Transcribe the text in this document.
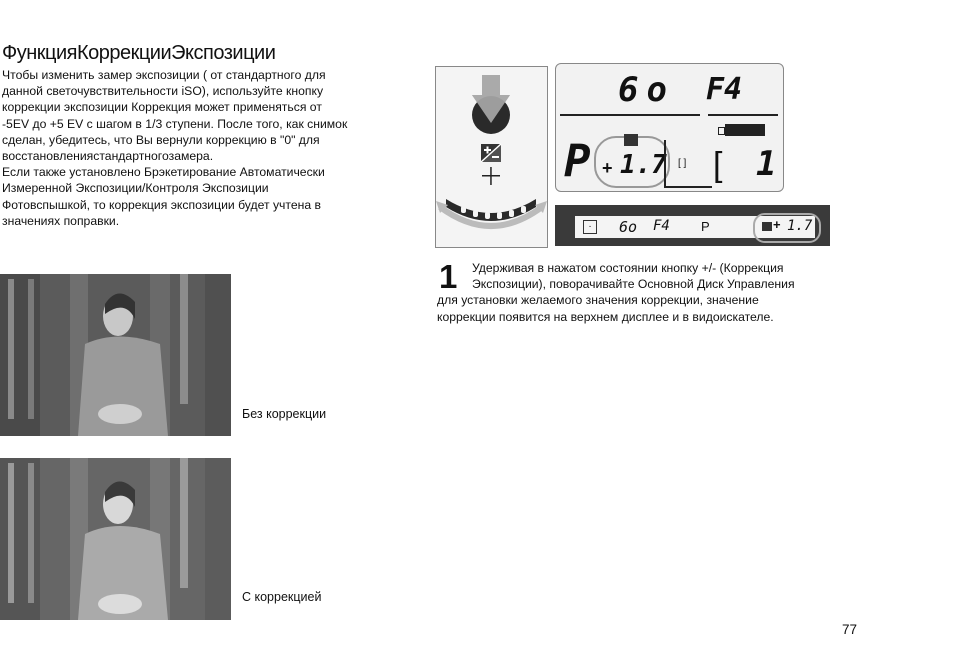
ФункцияКоррекцииЭкспозиции

Чтобы изменить замер экспозиции ( от стандартного для

данной светочувствительности iSO), используйте кнопку

коррекции экспозиции Коррекция может применяться от

-5EV до +5 EV с шагом в 1/3 ступени. После того, как снимок

сделан, убедитесь, что Вы вернули коррекцию в "0" для

восстановлениястандартногозамера.

Если также установлено Брэкетирование Автоматически

Измеренной Экспозиции/Контроля Экспозиции

Фотовспышкой, то коррекция экспозиции будет учтена в

значениях поправки.

Без коррекции
С коррекцией
6o F4
P + 1.7 [ ] [ 1
·	6o F4 P	+ 1.7
1	Удерживая в нажатом состоянии кнопку +/- (Коррекция

Экспозиции), поворачивайте Основной Диск Управления

для установки желаемого значения коррекции, значение

коррекции появится на верхнем дисплее и в видоискателе.

77
